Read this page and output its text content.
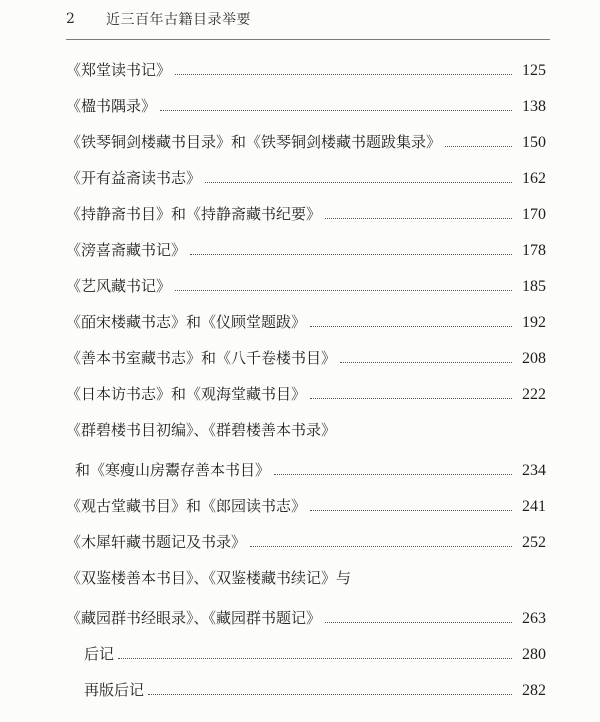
2	近三百年古籍目录举要
《郑堂读书记》	125
《楹书隅录》	138
《铁琴铜剑楼藏书目录》和《铁琴铜剑楼藏书题跋集录》	150
《开有益斋读书志》	162
《持静斋书目》和《持静斋藏书纪要》	170
《滂喜斋藏书记》	178
《艺风藏书记》	185
《皕宋楼藏书志》和《仪顾堂题跋》	192
《善本书室藏书志》和《八千卷楼书目》	208
《日本访书志》和《观海堂藏书目》	222
《群碧楼书目初编》、《群碧楼善本书录》
和《寒瘦山房鬻存善本书目》	234
《观古堂藏书目》和《郎园读书志》	241
《木犀轩藏书题记及书录》	252
《双鉴楼善本书目》、《双鉴楼藏书续记》与
《藏园群书经眼录》、《藏园群书题记》	263
后记	280
再版后记	282
